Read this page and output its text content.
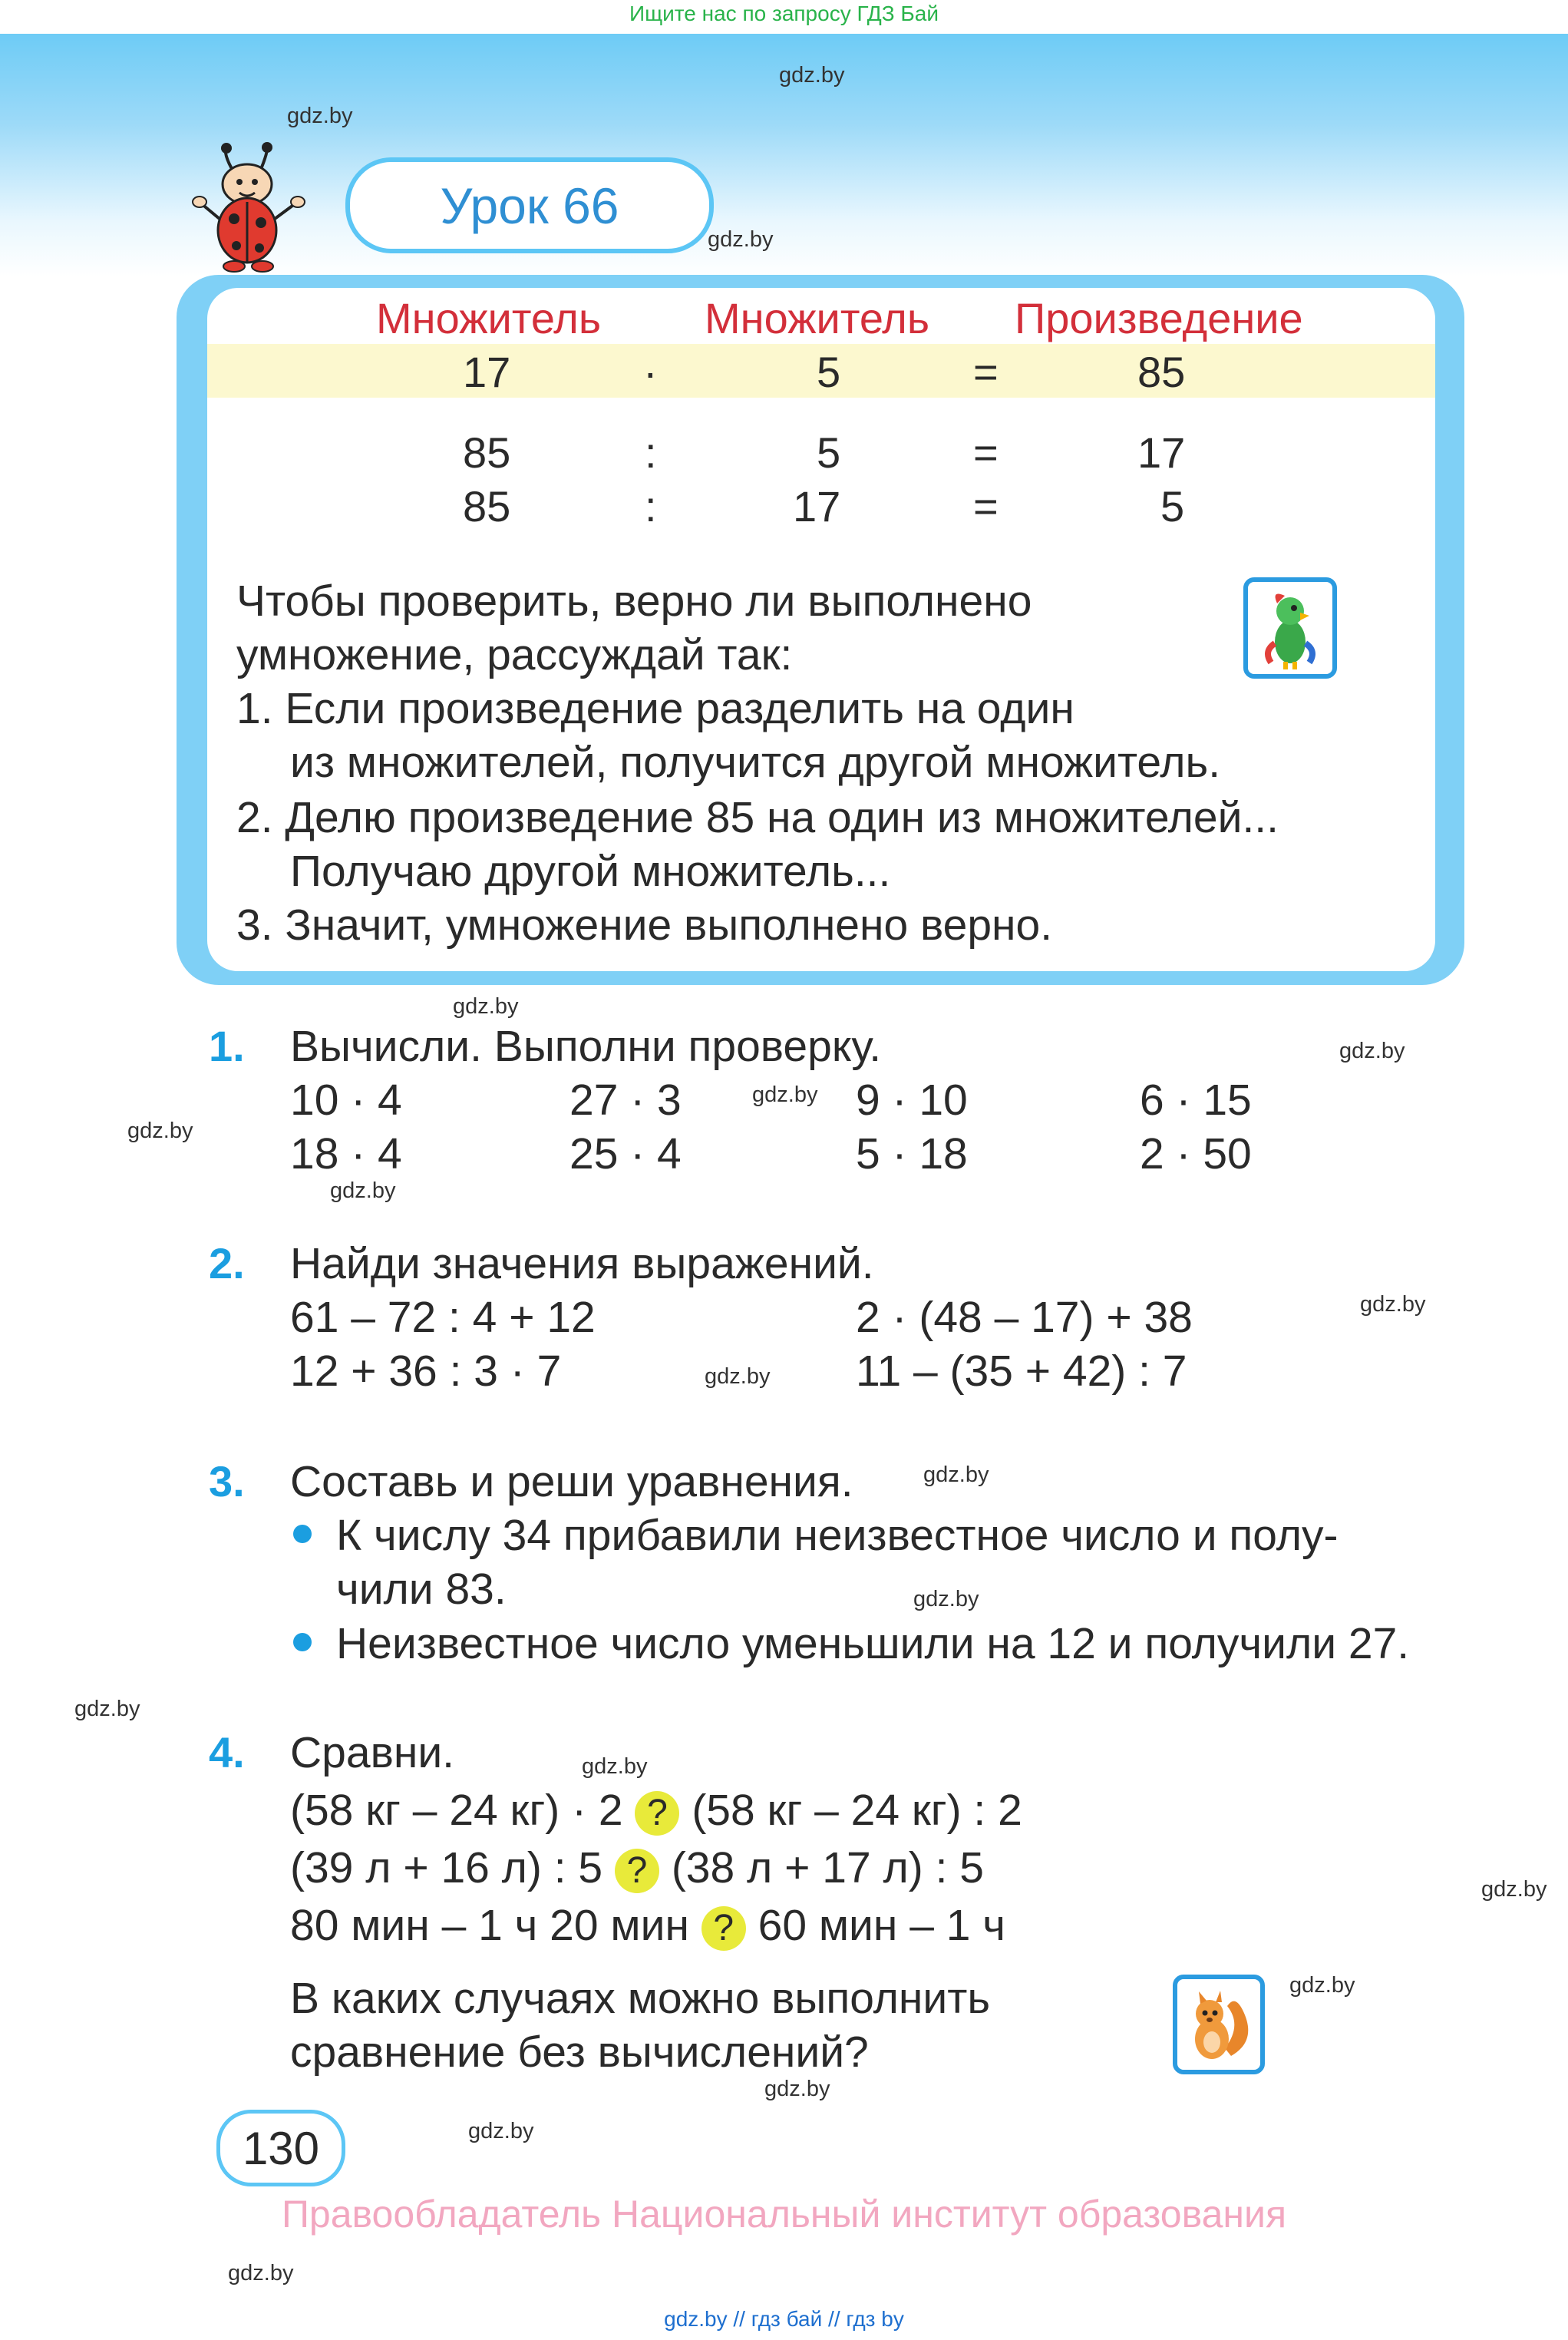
Ищите нас по запросу ГДЗ Бай
gdz.by
gdz.by
gdz.by
gdz.by
gdz.by
gdz.by
gdz.by
gdz.by
gdz.by
gdz.by
gdz.by
gdz.by
gdz.by
gdz.by
gdz.by
gdz.by
gdz.by
gdz.by
gdz.by
Урок 66
Множитель Множитель Произведение
17	·	5	=	85
85	:	5	=	17
85	:	17	=	5
Чтобы проверить, верно ли выполнено
умножение, рассуждай так:
1. Если произведение разделить на один
из множителей, получится другой множитель.
2. Делю произведение 85 на один из множителей...
Получаю другой множитель...
3. Значит, умножение выполнено верно.
1. Вычисли. Выполни проверку.
10 · 4	27 · 3	9 · 10	6 · 15
18 · 4	25 · 4	5 · 18	2 · 50
2. Найди значения выражений.
61 – 72 : 4 + 12	2 · (48 – 17) + 38
12 + 36 : 3 · 7	11 – (35 + 42) : 7
3. Составь и реши уравнения.
К числу 34 прибавили неизвестное число и полу-
чили 83.
Неизвестное число уменьшили на 12 и получили 27.
4. Сравни.
(58 кг – 24 кг) · 2 ? (58 кг – 24 кг) : 2
(39 л + 16 л) : 5 ? (38 л + 17 л) : 5
80 мин – 1 ч 20 мин ? 60 мин – 1 ч
В каких случаях можно выполнить
сравнение без вычислений?
130
Правообладатель Национальный институт образования
gdz.by // гдз бай // гдз by
